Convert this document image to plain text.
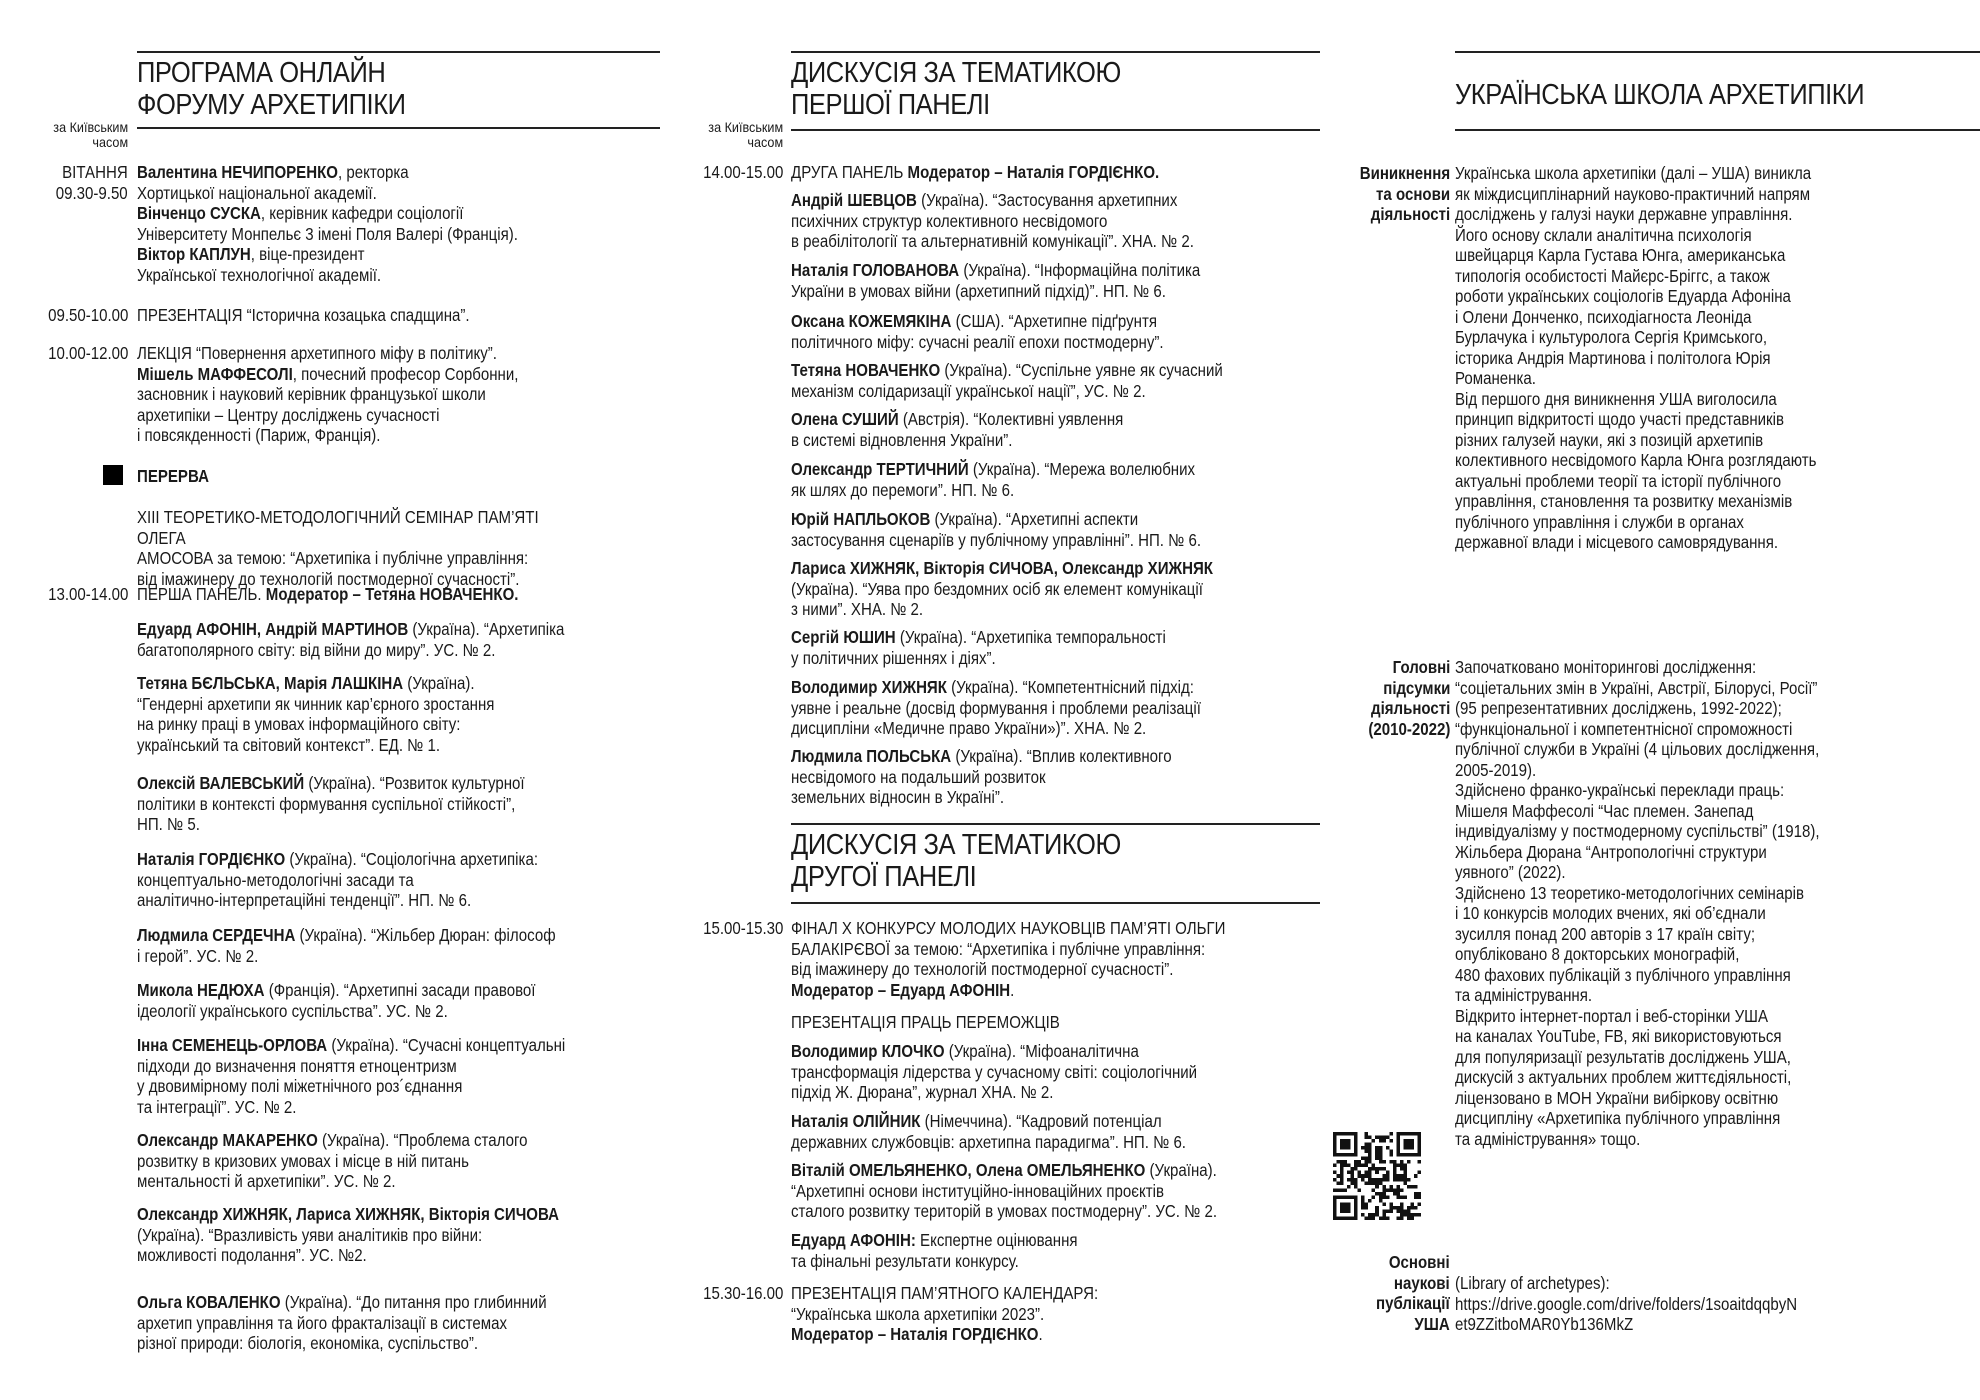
ПРОГРАМА ОНЛАЙН
ФОРУМУ АРХЕТИПІКИ
за Київським
часом
ВІТАННЯ
09.30-9.50
Валентина НЕЧИПОРЕНКО, ректорка
Хортицької національної академії.
Вінченцо СУСКА, керівник кафедри соціології
Університету Монпельє 3 імені Поля Валері (Франція).
Віктор КАПЛУН, віце-президент
Української технологічної академії.
09.50-10.00 ПРЕЗЕНТАЦІЯ “Історична козацька спадщина”.
10.00-12.00 ЛЕКЦІЯ “Повернення архетипного міфу в політику”.
Мішель МАФФЕСОЛІ, почесний професор Сорбонни,
засновник і науковий керівник французької школи
архетипіки – Центру досліджень сучасності
і повсякденності (Париж, Франція).
ПЕРЕРВА
XIII ТЕОРЕТИКО-МЕТОДОЛОГІЧНИЙ СЕМІНАР ПАМ’ЯТІ ОЛЕГА
АМОСОВА за темою: “Архетипіка і публічне управління:
від імажинеру до технологій постмодерної сучасності”.
13.00-14.00 ПЕРША ПАНЕЛЬ. Модератор – Тетяна НОВАЧЕНКО.
Едуард АФОНІН, Андрій МАРТИНОВ (Україна). “Архетипіка
багатополярного світу: від війни до миру”. УС. № 2.
Тетяна БЄЛЬСЬКА, Марія ЛАШКІНА (Україна).
“Гендерні архетипи як чинник кар’єрного зростання
на ринку праці в умовах інформаційного світу:
український та світовий контекст”. ЕД. № 1.
Олексій ВАЛЕВСЬКИЙ (Україна). “Розвиток культурної
політики в контексті формування суспільної стійкості”,
НП. № 5.
Наталія ГОРДІЄНКО (Україна). “Соціологічна архетипіка:
концептуально-методологічні засади та
аналітично-інтерпретаційні тенденції”. НП. № 6.
Людмила СЕРДЕЧНА (Україна). “Жільбер Дюран: філософ
і герой”. УС. № 2.
Микола НЕДЮХА (Франція). “Архетипні засади правової
ідеології українського суспільства”. УС. № 2.
Інна СЕМЕНЕЦЬ-ОРЛОВА (Україна). “Сучасні концептуальні
підходи до визначення поняття етноцентризм
у двовимірному полі міжетнічного роз´єднання
та інтеграції”. УС. № 2.
Олександр МАКАРЕНКО (Україна). “Проблема сталого
розвитку в кризових умовах і місце в ній питань
ментальності й архетипіки”. УС. № 2.
Олександр ХИЖНЯК, Лариса ХИЖНЯК, Вікторія СИЧОВА
(Україна). “Вразливість уяви аналітиків про війни:
можливості подолання”. УС. №2.
Ольга КОВАЛЕНКО (Україна). “До питання про глибинний
архетип управління та його фракталізації в системах
різної природи: біологія, економіка, суспільство”.
ДИСКУСІЯ ЗА ТЕМАТИКОЮ
ПЕРШОЇ ПАНЕЛІ
за Київським
часом
14.00-15.00 ДРУГА ПАНЕЛЬ Модератор – Наталія ГОРДІЄНКО.
Андрій ШЕВЦОВ (Україна). “Застосування архетипних
психічних структур колективного несвідомого
в реабілітології та альтернативній комунікації”. ХНА. № 2.
Наталія ГОЛОВАНОВА (Україна). “Інформаційна політика
України в умовах війни (архетипний підхід)”. НП. № 6.
Оксана КОЖЕМЯКІНА (США). “Архетипне підґрунтя
політичного міфу: сучасні реалії епохи постмодерну”.
Тетяна НОВАЧЕНКО (Україна). “Суспільне уявне як сучасний
механізм солідаризації української нації”, УС. № 2.
Олена СУШИЙ (Австрія). “Колективні уявлення
в системі відновлення України”.
Олександр ТЕРТИЧНИЙ (Україна). “Мережа волелюбних
як шлях до перемоги”. НП. № 6.
Юрій НАПЛЬОКОВ (Україна). “Архетипні аспекти
застосування сценаріїв у публічному управлінні”. НП. № 6.
Лариса ХИЖНЯК, Вікторія СИЧОВА, Олександр ХИЖНЯК
(Україна). “Уява про бездомних осіб як елемент комунікації
з ними”. ХНА. № 2.
Сергій ЮШИН (Україна). “Архетипіка темпоральності
у політичних рішеннях і діях”.
Володимир ХИЖНЯК (Україна). “Компетентнісний підхід:
уявне і реальне (досвід формування і проблеми реалізації
дисципліни «Медичне право України»)”. ХНА. № 2.
Людмила ПОЛЬСЬКА (Україна). “Вплив колективного
несвідомого на подальший розвиток
земельних відносин в Україні”.
ДИСКУСІЯ ЗА ТЕМАТИКОЮ
ДРУГОЇ ПАНЕЛІ
15.00-15.30 ФІНАЛ Х КОНКУРСУ МОЛОДИХ НАУКОВЦІВ ПАМ’ЯТІ ОЛЬГИ
БАЛАКІРЄВОЇ за темою: “Архетипіка і публічне управління:
від імажинеру до технологій постмодерної сучасності”.
Модератор – Едуард АФОНІН.
ПРЕЗЕНТАЦІЯ ПРАЦЬ ПЕРЕМОЖЦІВ
Володимир КЛОЧКО (Україна). “Міфоаналітична
трансформація лідерства у сучасному світі: соціологічний
підхід Ж. Дюрана”, журнал ХНА. № 2.
Наталія ОЛІЙНИК (Німеччина). “Кадровий потенціал
державних службовців: архетипна парадигма”. НП. № 6.
Віталій ОМЕЛЬЯНЕНКО, Олена ОМЕЛЬЯНЕНКО (Україна).
“Архетипні основи інституційно-інноваційних проєктів
сталого розвитку територій в умовах постмодерну”. УС. № 2.
Едуард АФОНІН: Експертне оцінювання
та фінальні результати конкурсу.
15.30-16.00 ПРЕЗЕНТАЦІЯ ПАМ’ЯТНОГО КАЛЕНДАРЯ:
“Українська школа архетипіки 2023”.
Модератор – Наталія ГОРДІЄНКО.
УКРАЇНСЬКА ШКОЛА АРХЕТИПІКИ
Виникнення
та основи
діяльності
Українська школа архетипіки (далі – УША) виникла
як міждисциплінарний науково-практичний напрям
досліджень у галузі науки державне управління.
Його основу склали аналітична психологія
швейцарця Карла Густава Юнга, американська
типологія особистості Майєрс-Бріггс, а також
роботи українських соціологів Едуарда Афоніна
і Олени Донченко, психодіагноста Леоніда
Бурлачука і культуролога Сергія Кримського,
історика Андрія Мартинова і політолога Юрія
Романенка.
Від першого дня виникнення УША виголосила
принцип відкритості щодо участі представників
різних галузей науки, які з позицій архетипів
колективного несвідомого Карла Юнга розглядають
актуальні проблеми теорії та історії публічного
управління, становлення та розвитку механізмів
публічного управління і служби в органах
державної влади і місцевого самоврядування.
Головні
підсумки
діяльності
(2010-2022)
Започатковано моніторингові дослідження:
“соціетальних змін в Україні, Австрії, Білорусі, Росії”
(95 репрезентативних досліджень, 1992-2022);
“функціональної і компетентнісної спроможності
публічної служби в Україні (4 цільових дослідження,
2005-2019).
Здійснено франко-українські переклади праць:
Мішеля Маффесолі “Час племен. Занепад
індивідуалізму у постмодерному суспільстві” (1918),
Жільбера Дюрана “Антропологічні структури
уявного” (2022).
Здійснено 13 теоретико-методологічних семінарів
і 10 конкурсів молодих вчених, які об’єднали
зусилля понад 200 авторів з 17 країн світу;
опубліковано 8 докторських монографій,
480 фахових публікацій з публічного управління
та адміністрування.
Відкрито інтернет-портал і веб-сторінки УША
на каналах YouTube, FB, які використовуються
для популяризації результатів досліджень УША,
дискусій з актуальних проблем життєдіяльності,
ліцензовано в МОН України вибіркову освітню
дисципліну «Архетипіка публічного управління
та адміністрування» тощо.
Основні
наукові
публікації
УША
(Library of archetypes):
https://drive.google.com/drive/folders/1soaitdqqbyN
et9ZZitboMAR0Yb136MkZ
